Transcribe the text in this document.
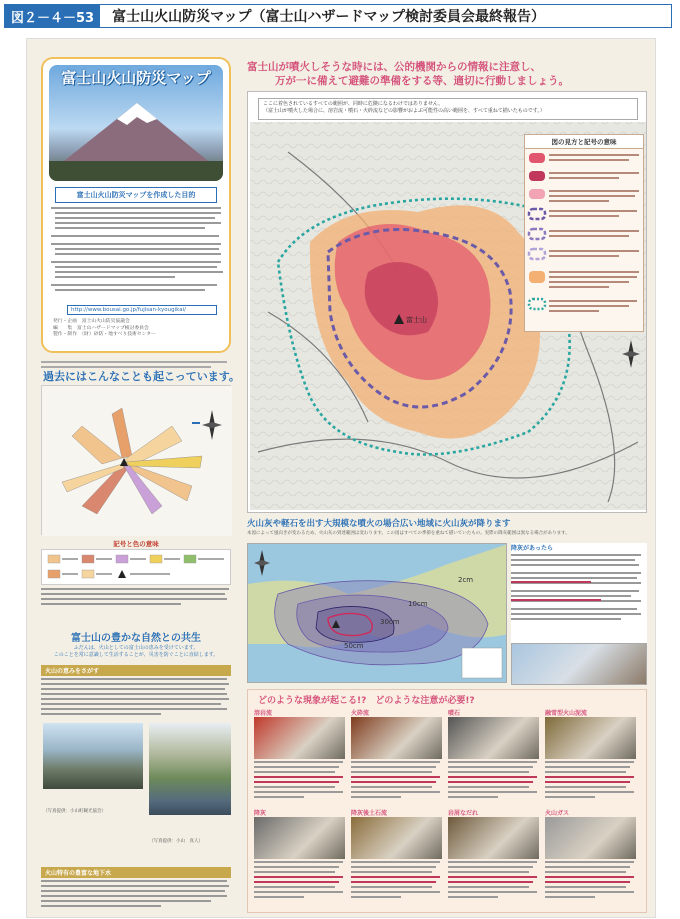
図２－４－53	富士山火山防災マップ（富士山ハザードマップ検討委員会最終報告）
富士山火山防災マップ
富士山火山防災マップを作成した目的
http://www.bousai.go.jp/fujisan-kyougikai/
発行・企画　富士山火山防災協議会
編　　集　富士山ハザードマップ検討委員会
製作・制作　（財）砂防・地すべり技術センター
過去にはこんなことも起こっています。
記号と色の意味
富士山の豊かな自然との共生
ふだんは、火山としての富士山の恵みを受けています。
このことを常に意識して生活することが、災害を防ぐことに直結します。
火山の恵みをさがす
（写真提供：小山町観光協会）
（写真提供：小山　真人）
火山特有の豊富な地下水
富士山が噴火しそうな時には、公的機関からの情報に注意し、
万が一に備えて避難の準備をする等、適切に行動しましょう。
ここに着色されているすべての範囲が、同時に危険になるわけではありません。
（富士山が噴火した場合に、溶岩流・噴石・火砕流などの影響がおよぶ可能性の高い範囲を、すべて重ねて描いたものです。）
富士山
図の見方と記号の意味
火山灰や軽石を出す大規模な噴火の場合広い地域に火山灰が降ります
本図によって風向きが変わるため、火山灰の到達範囲は変わります。この図はすべての季節を重ねて描いていたもの。実際の降灰範囲は異なる場合があります。
2cm
10cm
30cm
50cm
降灰があったら
どのような現象が起こる!?　どのような注意が必要!?
溶岩流	火砕流	噴石	融雪型火山泥流
降灰	降灰後土石流	岩屑なだれ	火山ガス
